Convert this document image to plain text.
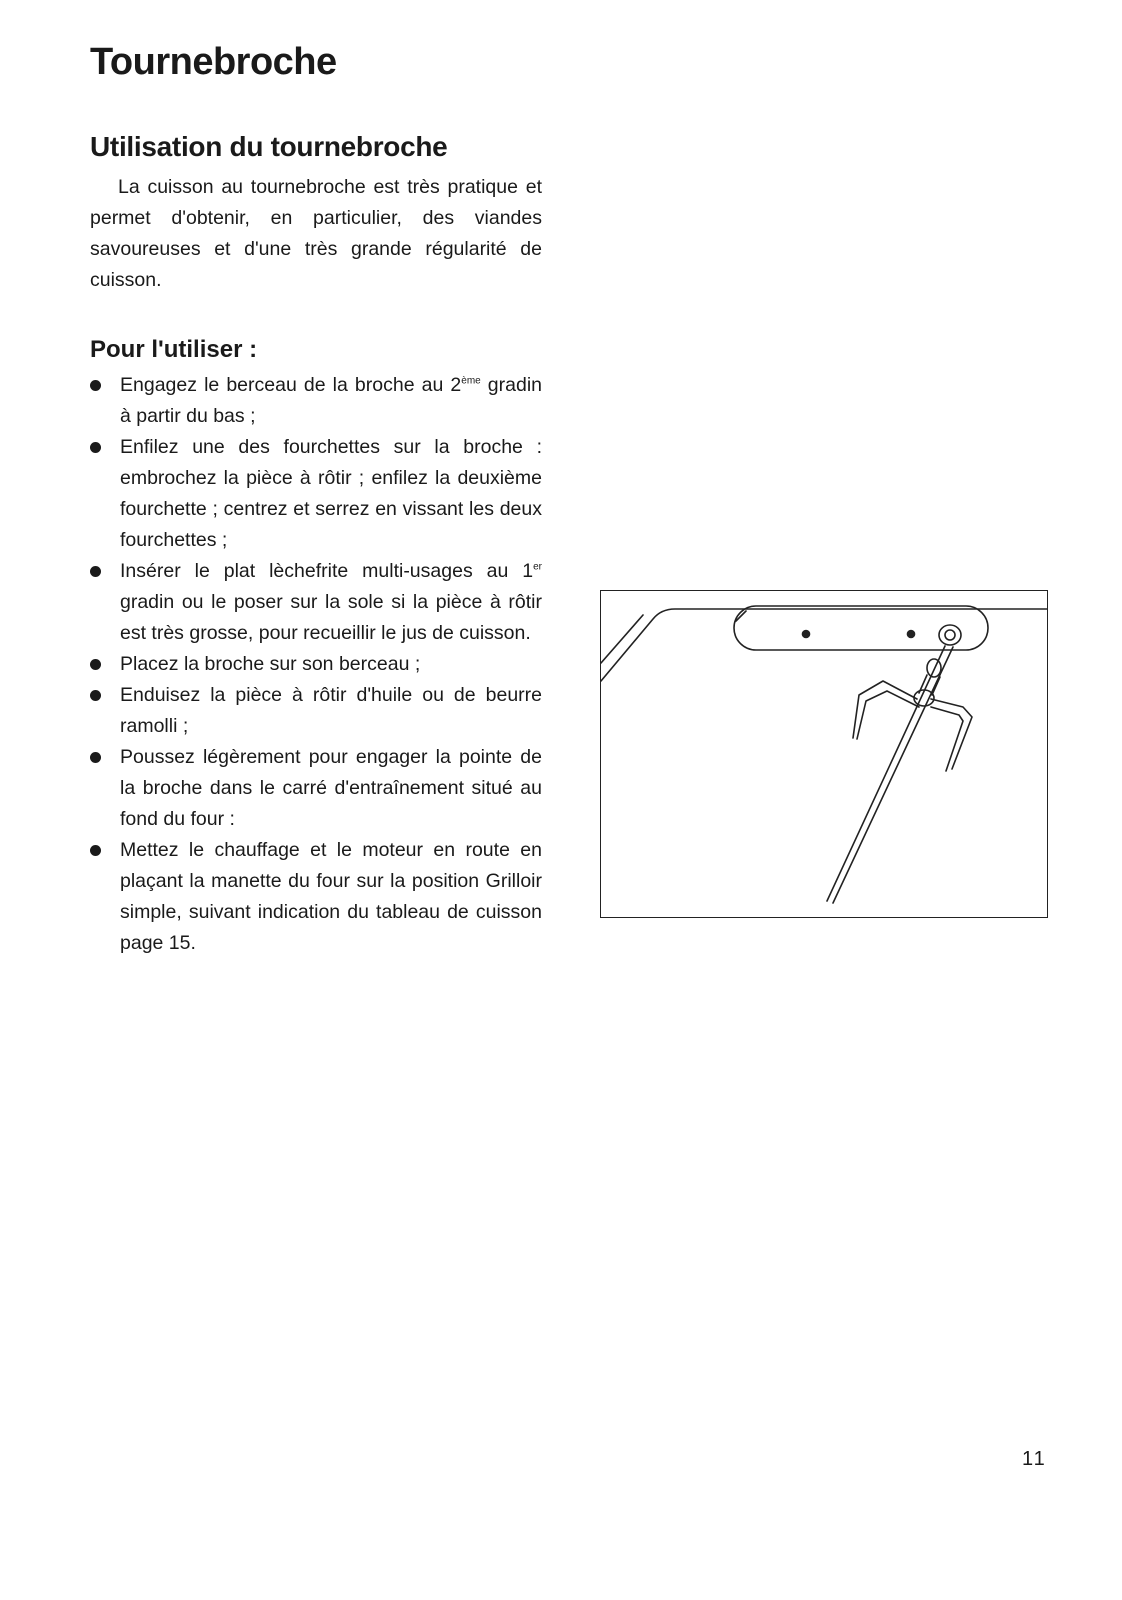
Tournebroche
Utilisation du tournebroche

La cuisson au tournebroche est très pratique et permet d'obtenir, en particulier, des viandes savoureuses et d'une très grande régularité de cuisson.

Pour l'utiliser :
Engagez le berceau de la broche au 2ème gradin à partir du bas ;
Enfilez une des fourchettes sur la broche : embrochez la pièce à rôtir ; enfilez la deuxième fourchette ; centrez et serrez en vissant les deux fourchettes ;
Insérer le plat lèchefrite multi-usages au 1er gradin ou le poser sur la sole si la pièce à rôtir est très grosse, pour recueillir le jus de cuisson.
Placez la broche sur son berceau ;
Enduisez la pièce à rôtir d'huile ou de beurre ramolli ;
Poussez légèrement pour engager la pointe de la broche dans le carré d'entraînement situé au fond du four :
Mettez le chauffage et le moteur en route en plaçant la manette du four sur la position Grilloir simple, suivant indication du tableau de cuisson page 15.
11
